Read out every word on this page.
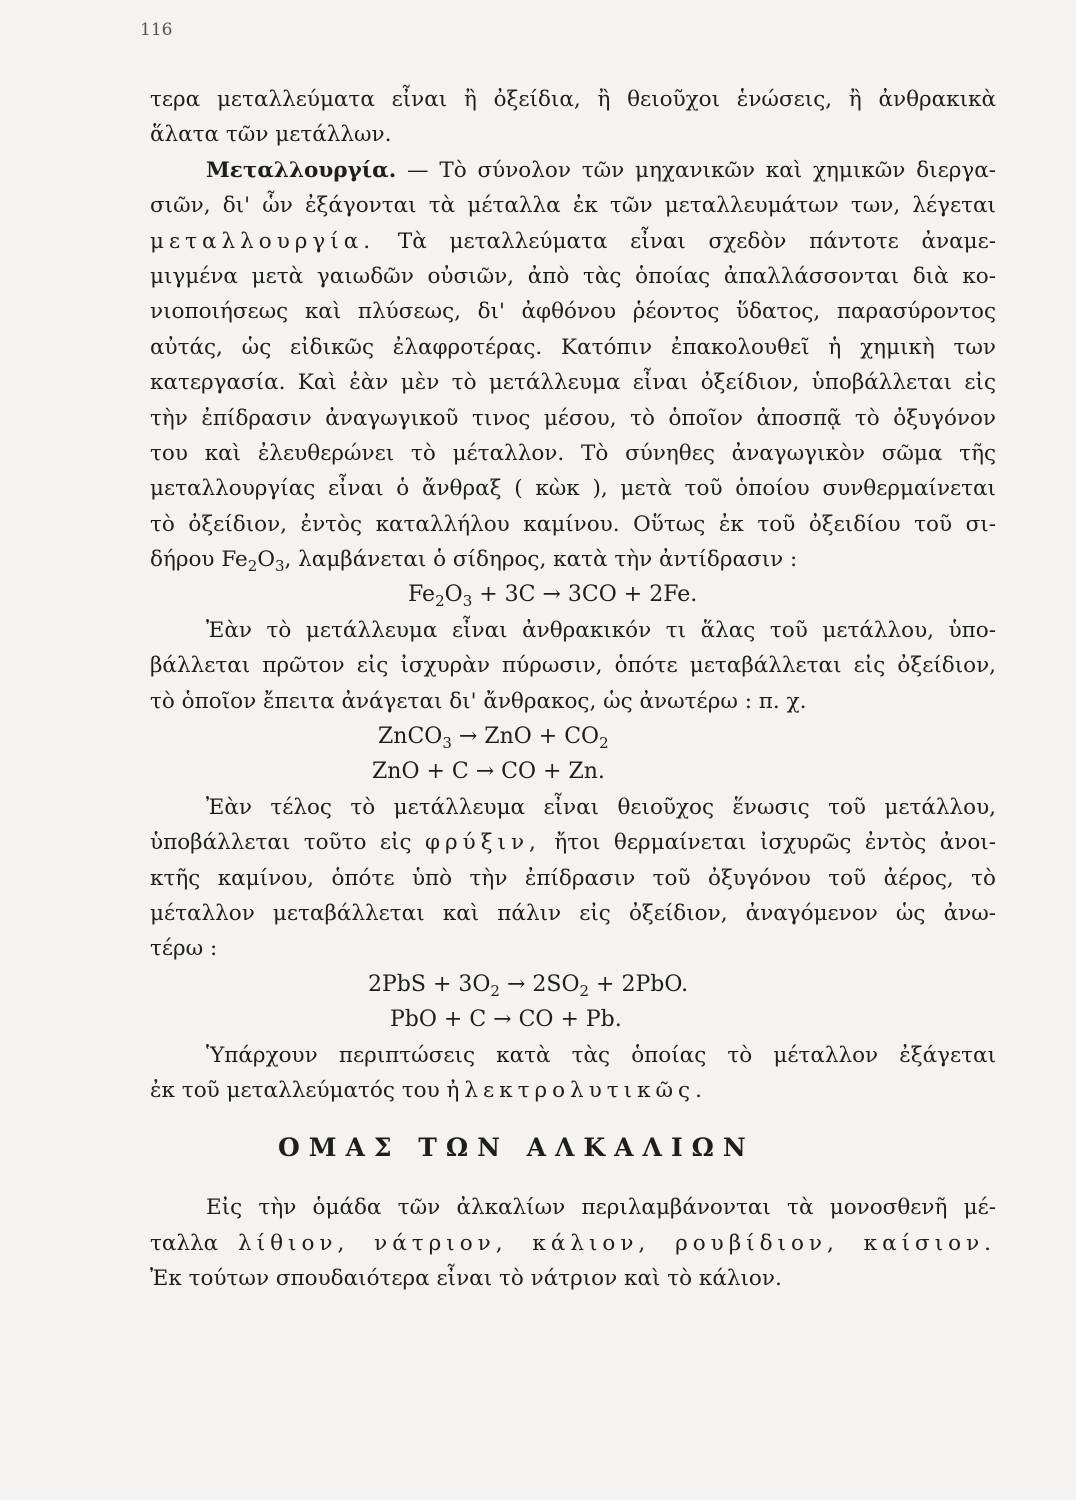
116
τερα μεταλλεύματα εἶναι ἢ ὀξείδια, ἢ θειοῦχοι ἑνώσεις, ἢ ἀνθρακικὰ
ἅλατα τῶν μετάλλων.
Μεταλλουργία. — Τὸ σύνολον τῶν μηχανικῶν καὶ χημικῶν διεργα-
σιῶν, δι' ὧν ἐξάγονται τὰ μέταλλα ἐκ τῶν μεταλλευμάτων των, λέγεται
μεταλλουργία. Τὰ μεταλλεύματα εἶναι σχεδὸν πάντοτε ἀναμε-
μιγμένα μετὰ γαιωδῶν οὐσιῶν, ἀπὸ τὰς ὁποίας ἀπαλλάσσονται διὰ κο-
νιοποιήσεως καὶ πλύσεως, δι' ἀφθόνου ῥέοντος ὕδατος, παρασύροντος
αὐτάς, ὡς εἰδικῶς ἐλαφροτέρας. Κατόπιν ἐπακολουθεῖ ἡ χημικὴ των
κατεργασία. Καὶ ἐὰν μὲν τὸ μετάλλευμα εἶναι ὀξείδιον, ὑποβάλλεται εἰς
τὴν ἐπίδρασιν ἀναγωγικοῦ τινος μέσου, τὸ ὁποῖον ἀποσπᾷ τὸ ὀξυγόνον
του καὶ ἐλευθερώνει τὸ μέταλλον. Τὸ σύνηθες ἀναγωγικὸν σῶμα τῆς
μεταλλουργίας εἶναι ὁ ἄνθραξ ( κὼκ ), μετὰ τοῦ ὁποίου συνθερμαίνεται
τὸ ὀξείδιον, ἐντὸς καταλλήλου καμίνου. Οὕτως ἐκ τοῦ ὀξειδίου τοῦ σι-
δήρου $Fe_2O_3$, λαμβάνεται ὁ σίδηρος, κατὰ τὴν ἀντίδρασιν :
$Fe_2O_3 + 3C \to 3CO + 2Fe$.
Ἐὰν τὸ μετάλλευμα εἶναι ἀνθρακικόν τι ἅλας τοῦ μετάλλου, ὑπο-
βάλλεται πρῶτον εἰς ἰσχυρὰν πύρωσιν, ὁπότε μεταβάλλεται εἰς ὀξείδιον,
τὸ ὁποῖον ἔπειτα ἀνάγεται δι' ἄνθρακος, ὡς ἀνωτέρω : π. χ.
ZnCO$_3$ → ZnO + $CO_2$
ZnO + C → CO + Zn.
Ἐὰν τέλος τὸ μετάλλευμα εἶναι θειοῦχος ἕνωσις τοῦ μετάλλου,
ὑποβάλλεται τοῦτο εἰς φρύξιν, ἤτοι θερμαίνεται ἰσχυρῶς ἐντὸς ἀνοι-
κτῆς καμίνου, ὁπότε ὑπὸ τὴν ἐπίδρασιν τοῦ ὀξυγόνου τοῦ ἀέρος, τὸ
μέταλλον μεταβάλλεται καὶ πάλιν εἰς ὀξείδιον, ἀναγόμενον ὡς ἀνω-
τέρω :
$2PbS + 3O_2 \to 2SO_2 + 2PbO$.
PbO + C → CO + Pb.
Ὑπάρχουν περιπτώσεις κατὰ τὰς ὁποίας τὸ μέταλλον ἐξάγεται
ἐκ τοῦ μεταλλεύματός του ἠλεκτρολυτικῶς.
ΟΜΑΣ ΤΩΝ ΑΛΚΑΛΙΩΝ
Εἰς τὴν ὁμάδα τῶν ἀλκαλίων περιλαμβάνονται τὰ μονοσθενῆ μέ-
ταλλα λίθιον, νάτριον, κάλιον, ρουβίδιον, καίσιον.
Ἐκ τούτων σπουδαιότερα εἶναι τὸ νάτριον καὶ τὸ κάλιον.
